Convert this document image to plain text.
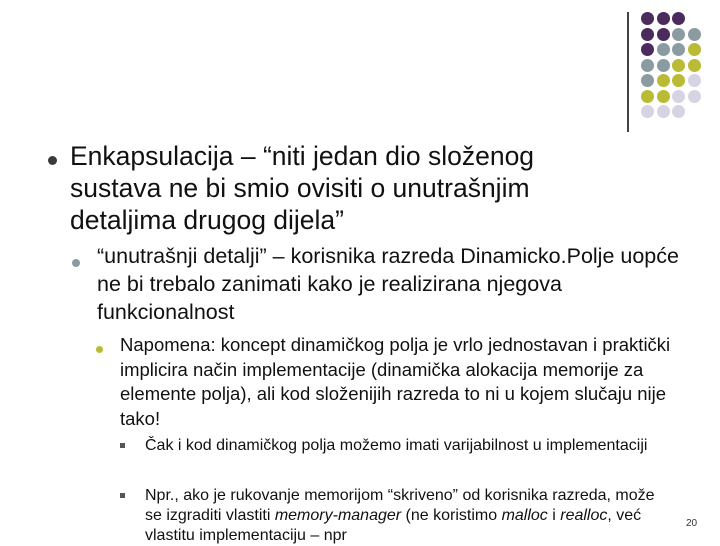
Enkapsulacija – “niti jedan dio složenog sustava ne bi smio ovisiti o unutrašnjim detaljima drugog dijela”

“unutrašnji detalji” – korisnika razreda Dinamicko.Polje uopće ne bi trebalo zanimati kako je realizirana njegova funkcionalnost

Napomena: koncept dinamičkog polja je vrlo jednostavan i praktički implicira način implementacije (dinamička alokacija memorije za elemente polja), ali kod složenijih razreda to ni u kojem slučaju nije tako!

Čak i kod dinamičkog polja možemo imati varijabilnost u implementaciji

Npr., ako je rukovanje memorijom “skriveno” od korisnika razreda, može se izgraditi vlastiti memory-manager (ne koristimo malloc i realloc, već vlastitu implementaciju – npr

20
